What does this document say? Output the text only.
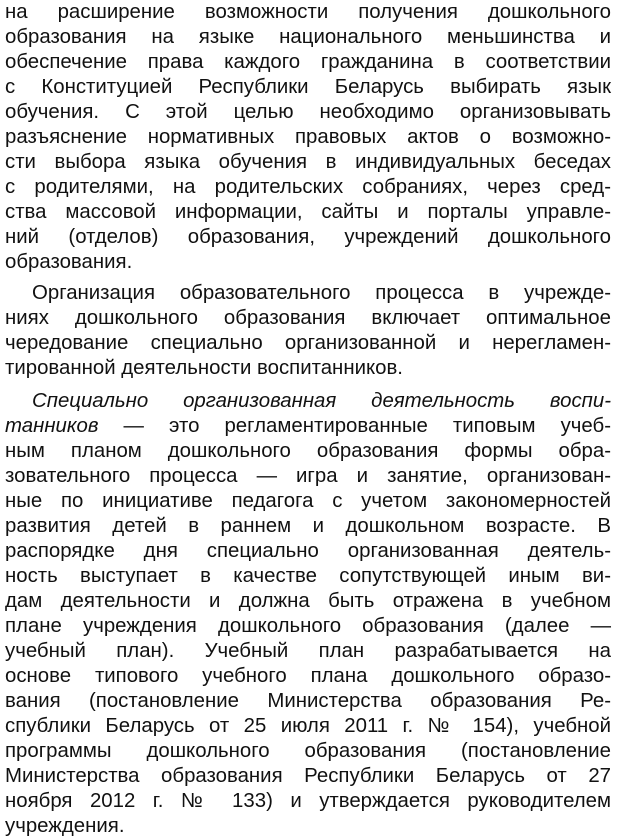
на расширение возможности получения дошкольного
образования на языке национального меньшинства и
обеспечение права каждого гражданина в соответствии
с Конституцией Республики Беларусь выбирать язык
обучения. С этой целью необходимо организовывать
разъяснение нормативных правовых актов о возможно-
сти выбора языка обучения в индивидуальных беседах
с родителями, на родительских собраниях, через сред-
ства массовой информации, сайты и порталы управле-
ний (отделов) образования, учреждений дошкольного
образования.
Организация образовательного процесса в учрежде-
ниях дошкольного образования включает оптимальное
чередование специально организованной и нерегламен-
тированной деятельности воспитанников.
Специально организованная деятельность воспи-
танников — это регламентированные типовым учеб-
ным планом дошкольного образования формы обра-
зовательного процесса — игра и занятие, организован-
ные по инициативе педагога с учетом закономерностей
развития детей в раннем и дошкольном возрасте. В
распорядке дня специально организованная деятель-
ность выступает в качестве сопутствующей иным ви-
дам деятельности и должна быть отражена в учебном
плане учреждения дошкольного образования (далее —
учебный план). Учебный план разрабатывается на
основе типового учебного плана дошкольного образо-
вания (постановление Министерства образования Ре-
спублики Беларусь от 25 июля 2011 г. № 154), учебной
программы дошкольного образования (постановление
Министерства образования Республики Беларусь от 27
ноября 2012 г. № 133) и утверждается руководителем
учреждения.
